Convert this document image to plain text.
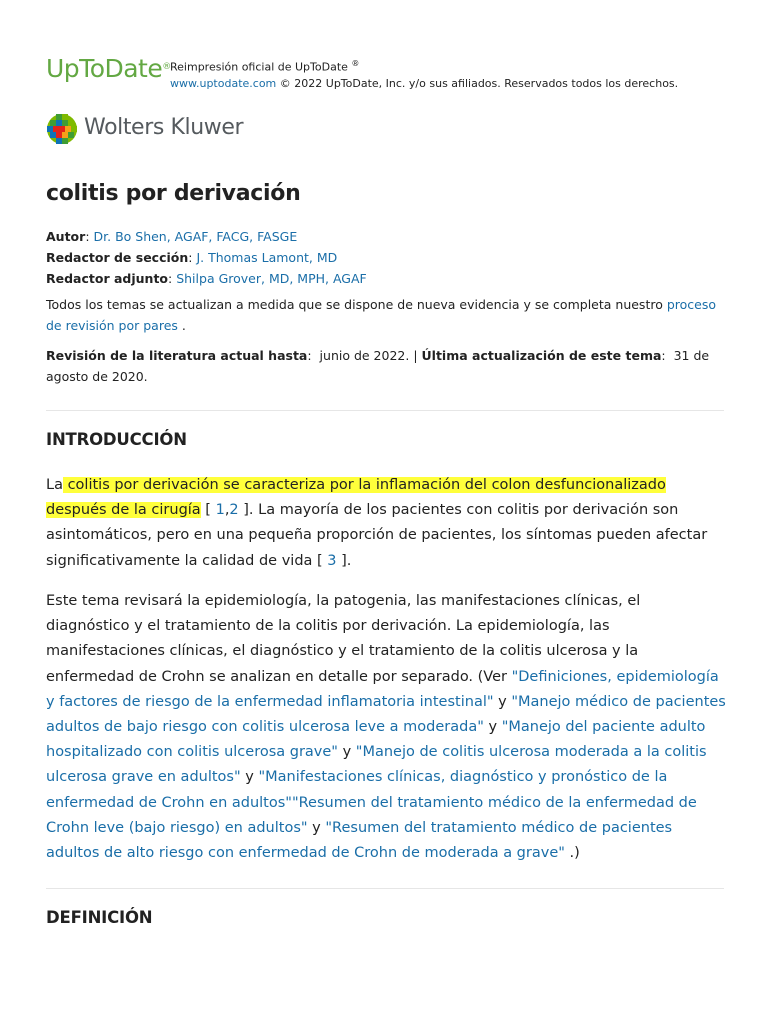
UpToDate® Reimpresión oficial de UpToDate ®
www.uptodate.com © 2022 UpToDate, Inc. y/o sus afiliados. Reservados todos los derechos.
Wolters Kluwer
colitis por derivación
Autor: Dr. Bo Shen, AGAF, FACG, FASGE
Redactor de sección: J. Thomas Lamont, MD
Redactor adjunto: Shilpa Grover, MD, MPH, AGAF
Todos los temas se actualizan a medida que se dispone de nueva evidencia y se completa nuestro proceso de revisión por pares .
Revisión de la literatura actual hasta:  junio de 2022. | Última actualización de este tema:  31 de agosto de 2020.
INTRODUCCIÓN
La colitis por derivación se caracteriza por la inflamación del colon desfuncionalizado después de la cirugía [ 1,2 ]. La mayoría de los pacientes con colitis por derivación son asintomáticos, pero en una pequeña proporción de pacientes, los síntomas pueden afectar significativamente la calidad de vida [ 3 ].
Este tema revisará la epidemiología, la patogenia, las manifestaciones clínicas, el diagnóstico y el tratamiento de la colitis por derivación. La epidemiología, las manifestaciones clínicas, el diagnóstico y el tratamiento de la colitis ulcerosa y la enfermedad de Crohn se analizan en detalle por separado. (Ver "Definiciones, epidemiología y factores de riesgo de la enfermedad inflamatoria intestinal" y "Manejo médico de pacientes adultos de bajo riesgo con colitis ulcerosa leve a moderada" y "Manejo del paciente adulto hospitalizado con colitis ulcerosa grave" y "Manejo de colitis ulcerosa moderada a la colitis ulcerosa grave en adultos" y "Manifestaciones clínicas, diagnóstico y pronóstico de la enfermedad de Crohn en adultos""Resumen del tratamiento médico de la enfermedad de Crohn leve (bajo riesgo) en adultos" y "Resumen del tratamiento médico de pacientes adultos de alto riesgo con enfermedad de Crohn de moderada a grave" .)
DEFINICIÓN
